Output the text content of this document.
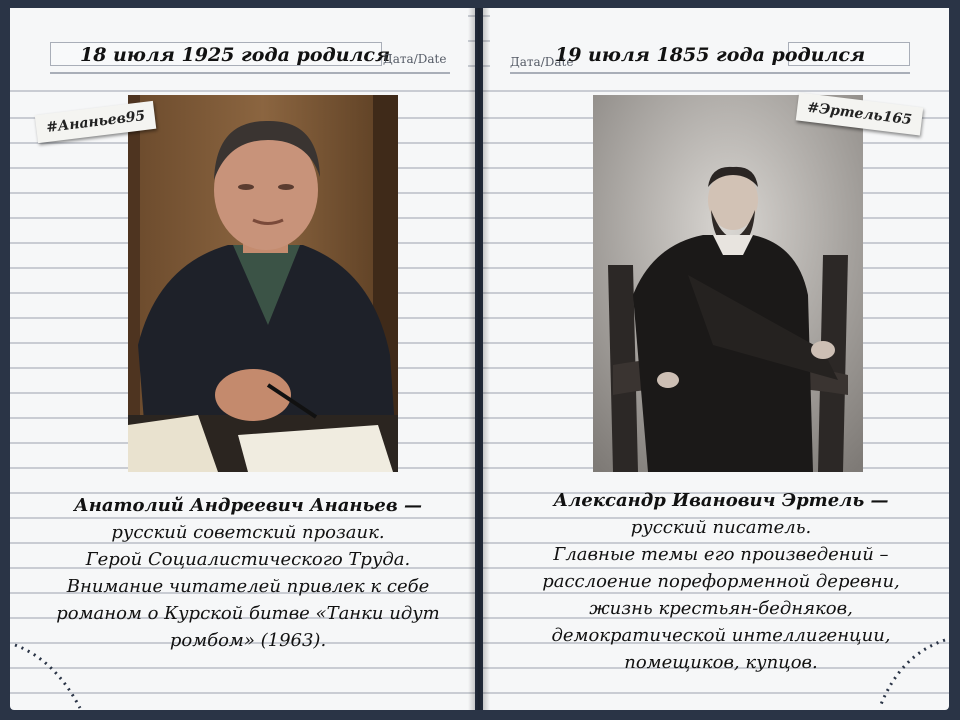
18 июля 1925 года родился
Дата/Date	Дата/Date
19 июля 1855 года родился
#Ананьев95	#Эртель165
Анатолий Андреевич Ананьев —
русский советский прозаик.
Герой Социалистического Труда.
Внимание читателей привлек к себе
романом о Курской битве «Танки идут
ромбом» (1963).
Александр Иванович Эртель —
русский писатель.
Главные темы его произведений –
расслоение пореформенной деревни,
жизнь крестьян-бедняков,
демократической интеллигенции,
помещиков, купцов.
